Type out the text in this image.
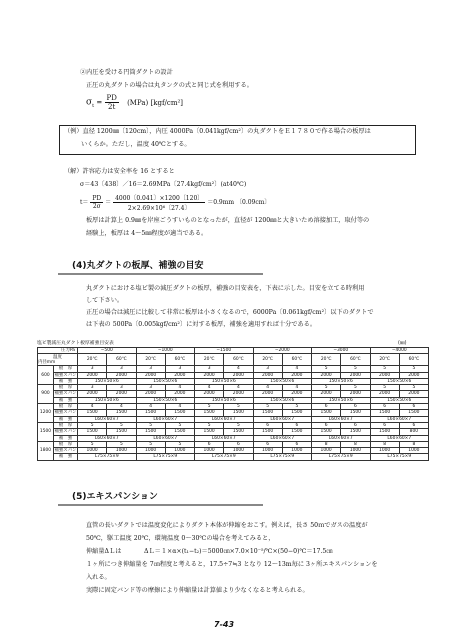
②内圧を受ける円筒ダクトの設計
正圧の丸ダクトの場合は丸タンクの式と同じ式を利用する。
$\sigma_t = \frac{PD}{2t} (MPa)$ [kgf/cm²]
（例）直径 1200㎜〔120cm〕，内圧 4000Pa〔0.041kgf/cm²〕の丸ダクトをＥ１７８０で作る場合の板厚は
いくらか。ただし，温度 40℃とする。
（解）許容応力は安全率を 16 とすると
σ＝43〔438〕／16＝2.69MPa〔27.4kgf/cm²〕(at40℃)
$t= \frac{PD}{2\sigma} = \frac{4000〔0.041〕\times 1200〔120〕}{\text{2×2.69×10⁶〔27.4〕}} =0.9mm$ 〔0.09cm〕
板厚は計算上 0.9㎜を岸座ごうすいものとなったが，直径が 1200㎜と大きいため溶接加工，取付等の
経験上，板厚は 4～5㎜程度が適当である。
(4)丸ダクトの板厚、補強の目安
丸ダクトにおける塩ビ製の減圧ダクトの板厚，補強の目安表を，下表に示した。目安を立てる時利用
して下さい。
正圧の場合は減圧に比較して非常に板厚は小さくなるので，6000Pa〔0.061kgf/cm²〕以下のダクトで
は下表の 500Pa〔0.005kgf/cm²〕に対する板厚，補強を適用すれば十分である。
塩ビ製減圧丸ダクト板厚補強目安表	(㎜)
圧力Pa		−500		−1000		−1500		−2000		−3000		−4000	

温度
内径mm		20℃	60℃	20℃	60℃	20℃	60℃	20℃	60℃	20℃	60℃	20℃	60℃
600	板　厚	3	3	3	3	3	4	3	4	5	5	5	5
	補強スパン	2000	2000	2000	2000	2000	2000	2000	2000	2000	2000	2000	2000
	補　強	150×50×6		150×50×6		150×50×6		150×50×6		150×50×6		150×50×6	
900	板　厚	3	3	3	4	4	4	4	4	5	5	5	5
	補強スパン	2000	2000	2000	2000	2000	2000	2000	2000	2000	2000	2000	2000
	補　強	150×50×6		150×50×6		150×50×6		150×50×6		150×50×6		150×50×6	
1200	板　厚	4	4	4	4	5	5	5	5	6	6	6	6
	補強スパン	1500	1500	1500	1500	1500	1500	1500	1500	1500	1500	1500	1500
	補　強	L60×60×7		L60×60×7		L60×60×7		L60×60×7		L60×60×7		L60×60×7	
1500	板　厚	5	5	5	5	5	5	6	6	6	6	6	6
	補強スパン	1500	1500	1500	1500	1500	1500	1500	1500	1500	1500	1500	800
	補　強	L60×60×7		L60×60×7		L60×60×7		L60×60×7		L60×60×7		L60×60×7	
1800	板　厚	5	5	5	5	6	6	6	6	8	8	8	8
	補強スパン	1000	1000	1000	1000	1000	1000	1000	1000	1000	1000	1000	1000
	補　強	L75×75×9		L75×75×9		L75×75×9		L75×75×9		L75×75×9		L75×75×9	
(5)エキスパンション
直管の長いダクトでは温度変化によりダクト本体が伸縮をおこす。例えば，長さ 50ｍでガスの温度が
50℃，駆工温度 20℃，環境温度 0～30℃の場合を考えてみると，
伸縮量ΔＬは	ΔＬ＝１×α×(t₁−t₂)＝5000㎝×7.0×10⁻⁵/℃×(50−0)℃＝17.5㎝
１ヶ所につき伸縮量を 7㎝程度と考えると，17.5÷7≒3 となり 12～13m毎に 3ヶ所エキスパンションを
入れる。
実際に固定バンド等の摩擦により伸縮量は計算値より少なくなると考えられる。
7-43
